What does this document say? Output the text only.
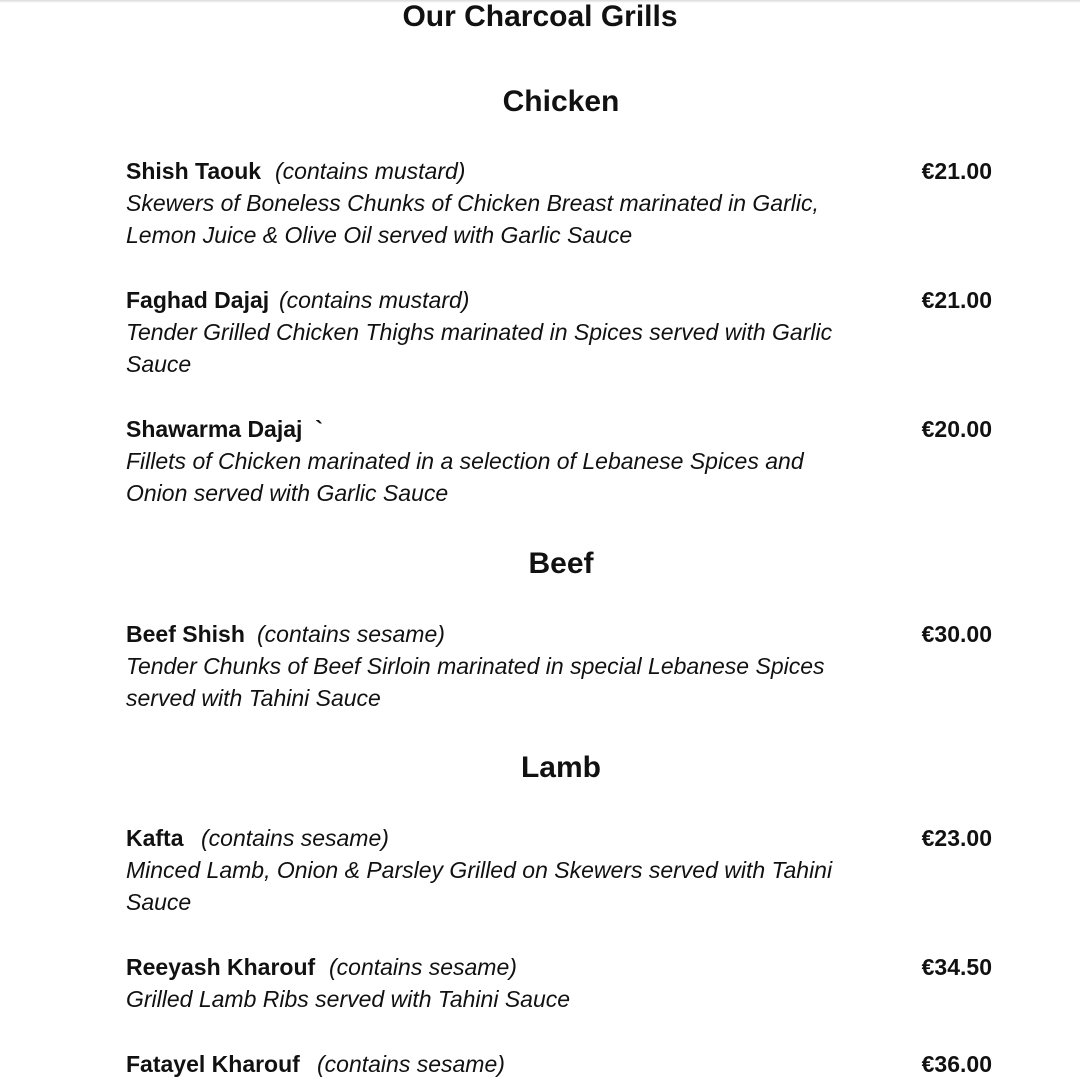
Our Charcoal Grills
Chicken
Shish Taouk (contains mustard)	€21.00
Skewers of Boneless Chunks of Chicken Breast marinated in Garlic, Lemon Juice & Olive Oil served with Garlic Sauce
Faghad Dajaj (contains mustard)	€21.00
Tender Grilled Chicken Thighs marinated in Spices served with Garlic Sauce
Shawarma Dajaj  `	€20.00
Fillets of Chicken marinated in a selection of Lebanese Spices and Onion served with Garlic Sauce
Beef
Beef Shish (contains sesame)	€30.00
Tender Chunks of Beef Sirloin marinated in special Lebanese Spices served with Tahini Sauce
Lamb
Kafta (contains sesame)	€23.00
Minced Lamb, Onion & Parsley Grilled on Skewers served with Tahini Sauce
Reeyash Kharouf (contains sesame)	€34.50
Grilled Lamb Ribs served with Tahini Sauce
Fatayel Kharouf (contains sesame)	€36.00
